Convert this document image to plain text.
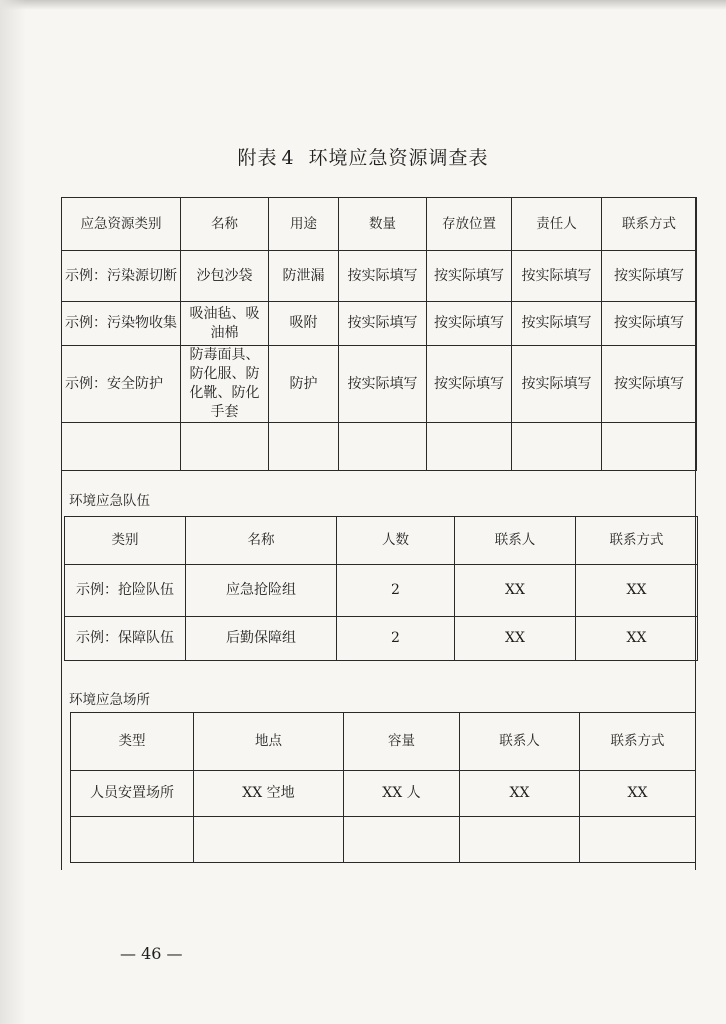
附表 4 环境应急资源调查表
应急资源类别	名称	用途	数量	存放位置	责任人	联系方式
示例：污染源切断	沙包沙袋	防泄漏	按实际填写	按实际填写	按实际填写	按实际填写
示例：污染物收集	吸油毡、吸油棉	吸附	按实际填写	按实际填写	按实际填写	按实际填写
示例：安全防护	防毒面具、防化服、防化靴、防化手套	防护	按实际填写	按实际填写	按实际填写	按实际填写

环境应急队伍
类别	名称	人数	联系人	联系方式
示例：抢险队伍	应急抢险组	2	XX	XX
示例：保障队伍	后勤保障组	2	XX	XX
环境应急场所
类型	地点	容量	联系人	联系方式
人员安置场所	XX 空地	XX 人	XX	XX

— 46 —
